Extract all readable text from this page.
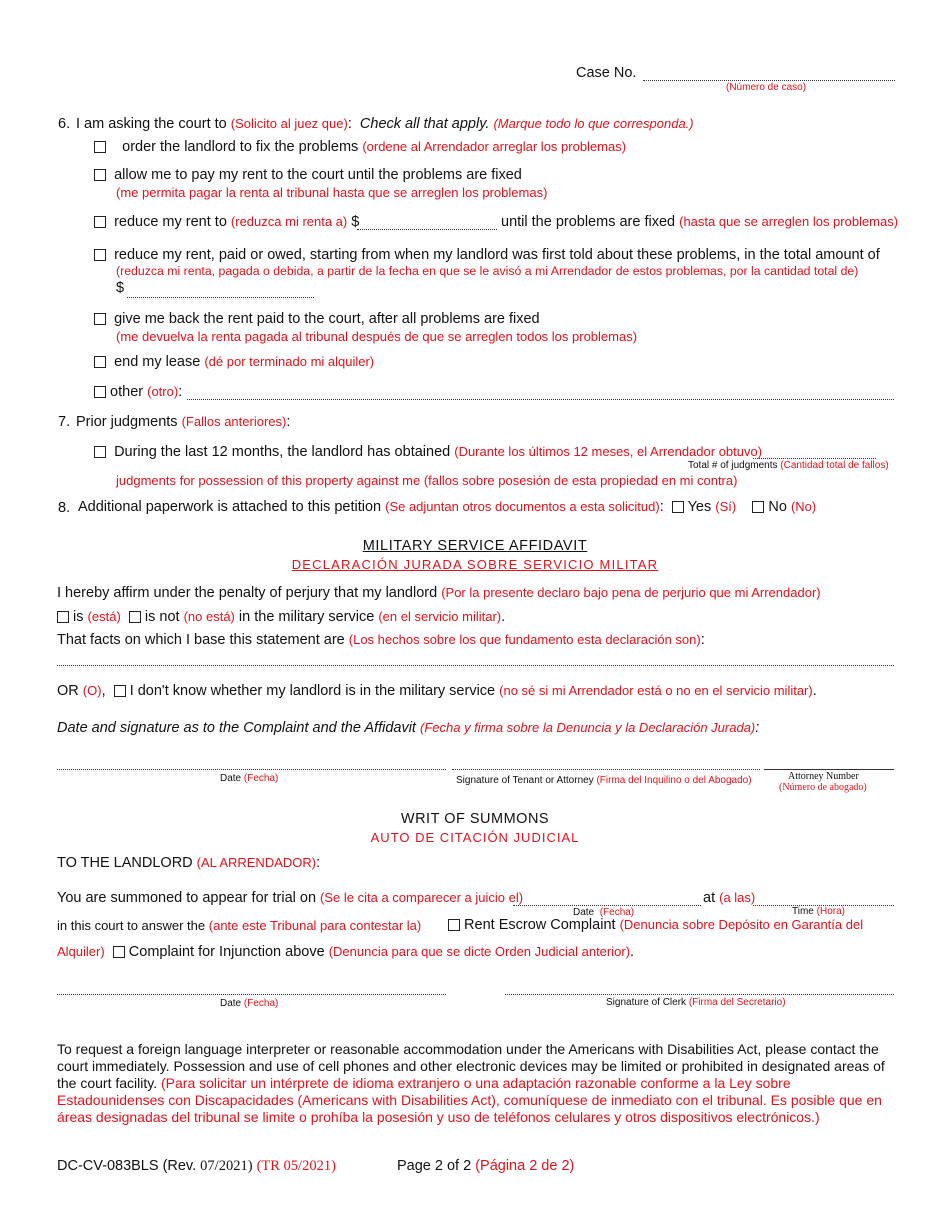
Case No.
(Número de caso)
6. I am asking the court to (Solicito al juez que):  Check all that apply. (Marque todo lo que corresponda.)
order the landlord to fix the problems (ordene al Arrendador arreglar los problemas)
allow me to pay my rent to the court until the problems are fixed
(me permita pagar la renta al tribunal hasta que se arreglen los problemas)
reduce my rent to (reduzca mi renta a) $	until the problems are fixed (hasta que se arreglen los problemas)
reduce my rent, paid or owed, starting from when my landlord was first told about these problems, in the total amount of
(reduzca mi renta, pagada o debida, a partir de la fecha en que se le avisó a mi Arrendador de estos problemas, por la cantidad total de)
$
give me back the rent paid to the court, after all problems are fixed
(me devuelva la renta pagada al tribunal después de que se arreglen todos los problemas)
end my lease (dé por terminado mi alquiler)
other (otro):
7. Prior judgments (Fallos anteriores):
During the last 12 months, the landlord has obtained (Durante los últimos 12 meses, el Arrendador obtuvo)
Total # of judgments (Cantidad total de fallos)
judgments for possession of this property against me (fallos sobre posesión de esta propiedad en mi contra)
8. Additional paperwork is attached to this petition (Se adjuntan otros documentos a esta solicitud):   Yes (Sí) No (No)
MILITARY SERVICE AFFIDAVIT
DECLARACIÓN JURADA SOBRE SERVICIO MILITAR
I hereby affirm under the penalty of perjury that my landlord (Por la presente declaro bajo pena de perjurio que mi Arrendador)
is (está) is not (no está) in the military service (en el servicio militar).
That facts on which I base this statement are (Los hechos sobre los que fundamento esta declaración son):
OR (O),   I don't know whether my landlord is in the military service (no sé si mi Arrendador está o no en el servicio militar).
Date and signature as to the Complaint and the Affidavit (Fecha y firma sobre la Denuncia y la Declaración Jurada):
Date (Fecha)	Signature of Tenant or Attorney (Firma del Inquilino o del Abogado)	Attorney Number
(Número de abogado)
WRIT OF SUMMONS
AUTO DE CITACIÓN JUDICIAL
TO THE LANDLORD (AL ARRENDADOR):
You are summoned to appear for trial on (Se le cita a comparecer a juicio el)	at (a las)
Date (Fecha)	Time (Hora)
in this court to answer the (ante este Tribunal para contestar la)	Rent Escrow Complaint (Denuncia sobre Depósito en Garantía del
Alquiler) Complaint for Injunction above (Denuncia para que se dicte Orden Judicial anterior).
Date (Fecha)	Signature of Clerk (Firma del Secretario)
To request a foreign language interpreter or reasonable accommodation under the Americans with Disabilities Act, please contact the court immediately. Possession and use of cell phones and other electronic devices may be limited or prohibited in designated areas of the court facility. (Para solicitar un intérprete de idioma extranjero o una adaptación razonable conforme a la Ley sobre Estadounidenses con Discapacidades (Americans with Disabilities Act), comuníquese de inmediato con el tribunal. Es posible que en áreas designadas del tribunal se limite o prohíba la posesión y uso de teléfonos celulares y otros dispositivos electrónicos.)
DC-CV-083BLS (Rev. 07/2021) (TR 05/2021)	Page 2 of 2 (Página 2 de 2)
